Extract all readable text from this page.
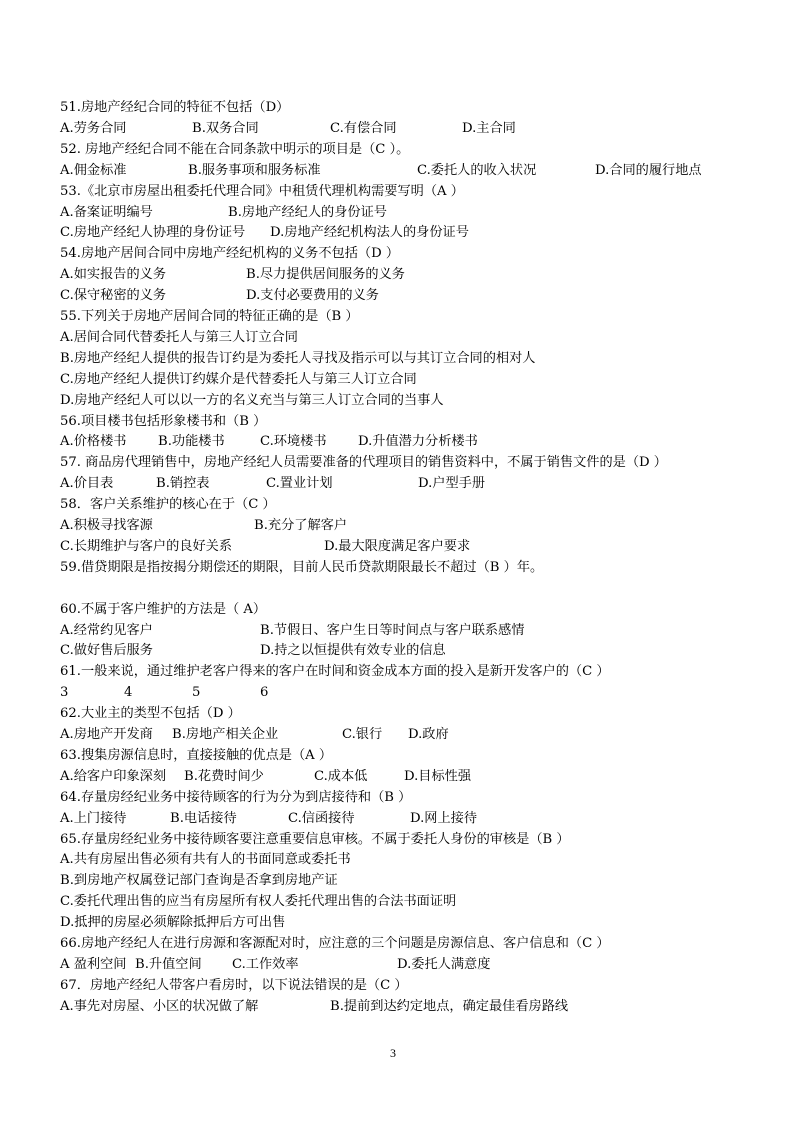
51.房地产经纪合同的特征不包括（D）
A.劳务合同	B.双务合同	C.有偿合同	D.主合同
52. 房地产经纪合同不能在合同条款中明示的项目是（C ）。
A.佣金标准	B.服务事项和服务标准	C.委托人的收入状况	D.合同的履行地点
53.《北京市房屋出租委托代理合同》中租赁代理机构需要写明（A ）
A.备案证明编号	B.房地产经纪人的身份证号
C.房地产经纪人协理的身份证号 D.房地产经纪机构法人的身份证号
54.房地产居间合同中房地产经纪机构的义务不包括（D ）
A.如实报告的义务	B.尽力提供居间服务的义务
C.保守秘密的义务	D.支付必要费用的义务
55.下列关于房地产居间合同的特征正确的是（B ）
A.居间合同代替委托人与第三人订立合同
B.房地产经纪人提供的报告订约是为委托人寻找及指示可以与其订立合同的相对人
C.房地产经纪人提供订约媒介是代替委托人与第三人订立合同
D.房地产经纪人可以以一方的名义充当与第三人订立合同的当事人
56.项目楼书包括形象楼书和（B ）
A.价格楼书 B.功能楼书	C.环境楼书 D.升值潜力分析楼书
57. 商品房代理销售中，房地产经纪人员需要准备的代理项目的销售资料中，不属于销售文件的是（D ）
A.价目表	B.销控表	C.置业计划	D.户型手册
58．客户关系维护的核心在于（C ）
A.积极寻找客源	B.充分了解客户
C.长期维护与客户的良好关系	D.最大限度满足客户要求
59.借贷期限是指按揭分期偿还的期限，目前人民币贷款期限最长不超过（B ）年。
60.不属于客户维护的方法是（ A）
A.经常约见客户	B.节假日、客户生日等时间点与客户联系感情
C.做好售后服务	D.持之以恒提供有效专业的信息
61.一般来说，通过维护老客户得来的客户在时间和资金成本方面的投入是新开发客户的（C ）
3	4	5	6
62.大业主的类型不包括（D ）
A.房地产开发商 B.房地产相关企业	C.银行 D.政府
63.搜集房源信息时，直接接触的优点是（A ）
A.给客户印象深刻 B.花费时间少	C.成本低	D.目标性强
64.存量房经纪业务中接待顾客的行为分为到店接待和（B ）
A.上门接待	B.电话接待	C.信函接待	D.网上接待
65.存量房经纪业务中接待顾客要注意重要信息审核。不属于委托人身份的审核是（B ）
A.共有房屋出售必须有共有人的书面同意或委托书
B.到房地产权属登记部门查询是否拿到房地产证
C.委托代理出售的应当有房屋所有权人委托代理出售的合法书面证明
D.抵押的房屋必须解除抵押后方可出售
66.房地产经纪人在进行房源和客源配对时，应注意的三个问题是房源信息、客户信息和（C ）
A 盈利空间 B.升值空间 C.工作效率	D.委托人满意度
67．房地产经纪人带客户看房时，以下说法错误的是（C ）
A.事先对房屋、小区的状况做了解	B.提前到达约定地点，确定最佳看房路线
3
